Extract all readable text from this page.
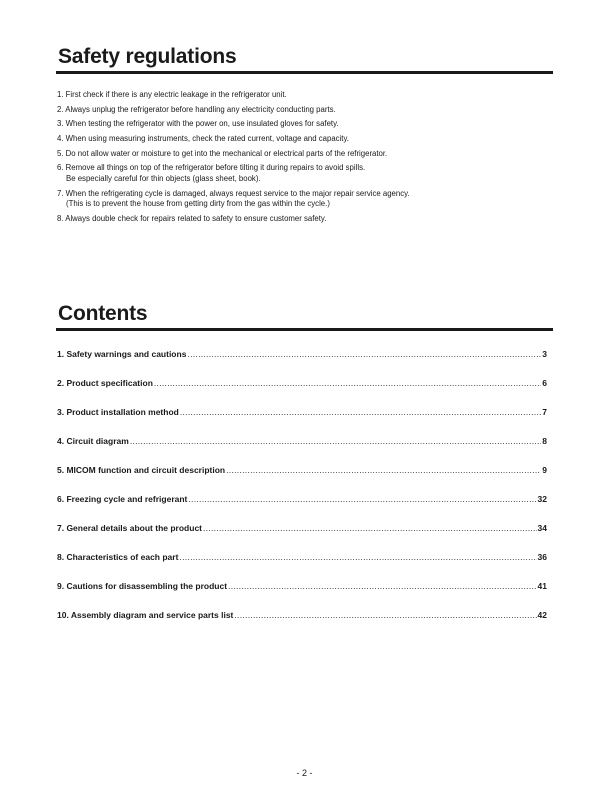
Safety regulations
1. First check if there is any electric leakage in the refrigerator unit.
2. Always unplug the refrigerator before handling any electricity conducting parts.
3. When testing the refrigerator with the power on, use insulated gloves for safety.
4. When using measuring instruments, check the rated current, voltage and capacity.
5. Do not allow water or moisture to get into the mechanical or electrical parts of the refrigerator.
6. Remove all things on top of the refrigerator before tilting it during repairs to avoid spills.
Be especially careful for thin objects (glass sheet, book).
7. When the refrigerating cycle is damaged, always request service to the major repair service agency.
(This is to prevent the house from getting dirty from the gas within the cycle.)
8. Always double check for repairs related to safety to ensure customer safety.
Contents
1. Safety warnings and cautions .....	3
2. Product specification .....	6
3. Product installation method .....	7
4. Circuit diagram .....	8
5. MICOM function and circuit description .....	9
6. Freezing cycle and refrigerant .....	32
7. General details about the product .....	34
8. Characteristics of each part .....	36
9. Cautions for disassembling the product .....	41
10. Assembly diagram and service parts list .....	42
- 2 -
